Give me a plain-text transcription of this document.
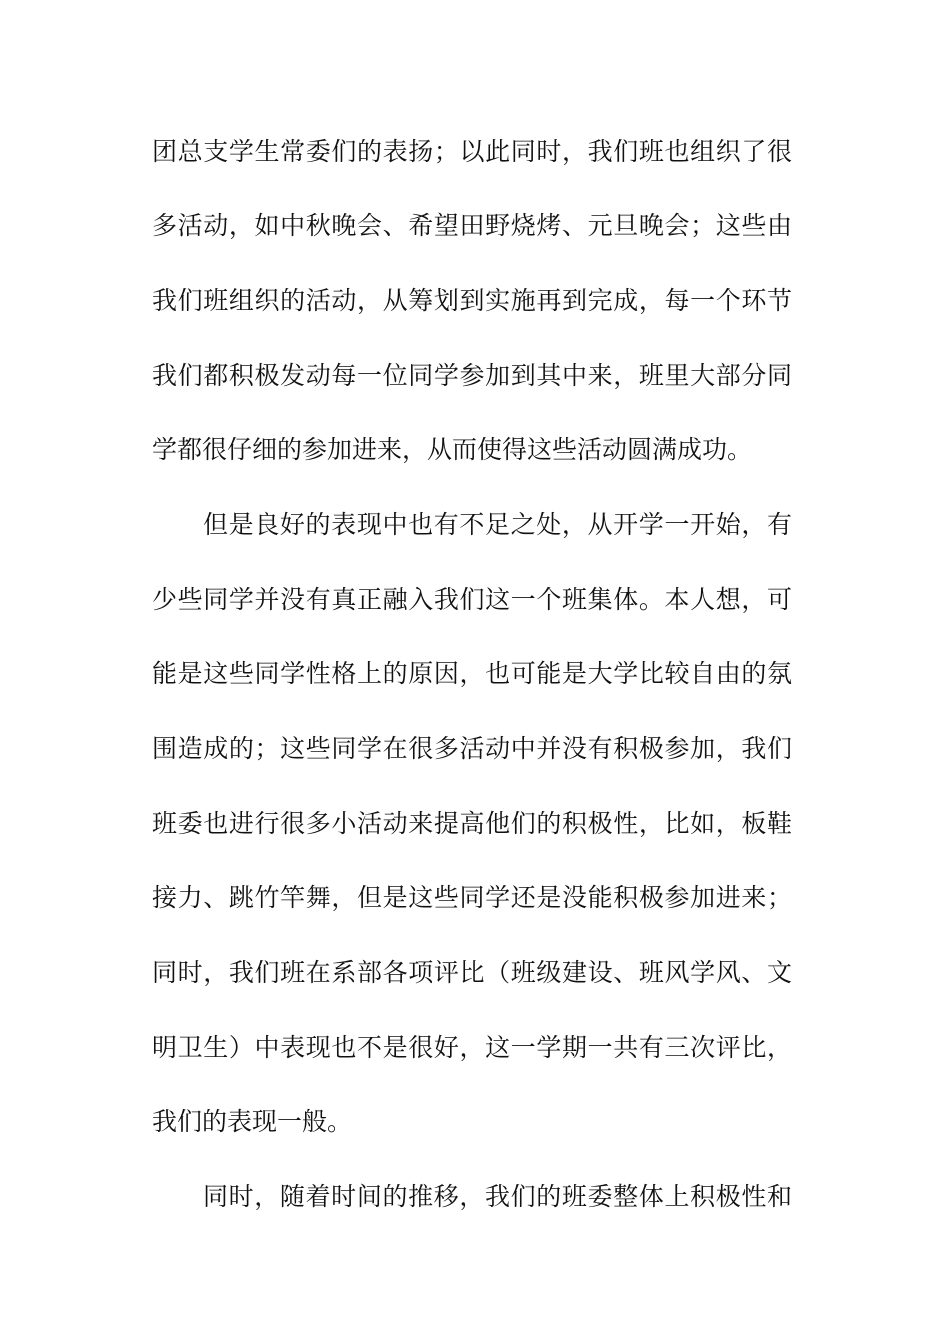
团总支学生常委们的表扬；以此同时，我们班也组织了很
多活动，如中秋晚会、希望田野烧烤、元旦晚会；这些由
我们班组织的活动，从筹划到实施再到完成，每一个环节
我们都积极发动每一位同学参加到其中来，班里大部分同
学都很仔细的参加进来，从而使得这些活动圆满成功。
但是良好的表现中也有不足之处，从开学一开始，有
少些同学并没有真正融入我们这一个班集体。本人想，可
能是这些同学性格上的原因，也可能是大学比较自由的氛
围造成的；这些同学在很多活动中并没有积极参加，我们
班委也进行很多小活动来提高他们的积极性，比如，板鞋
接力、跳竹竿舞，但是这些同学还是没能积极参加进来；
同时，我们班在系部各项评比（班级建设、班风学风、文
明卫生）中表现也不是很好，这一学期一共有三次评比，
我们的表现一般。
同时，随着时间的推移，我们的班委整体上积极性和
